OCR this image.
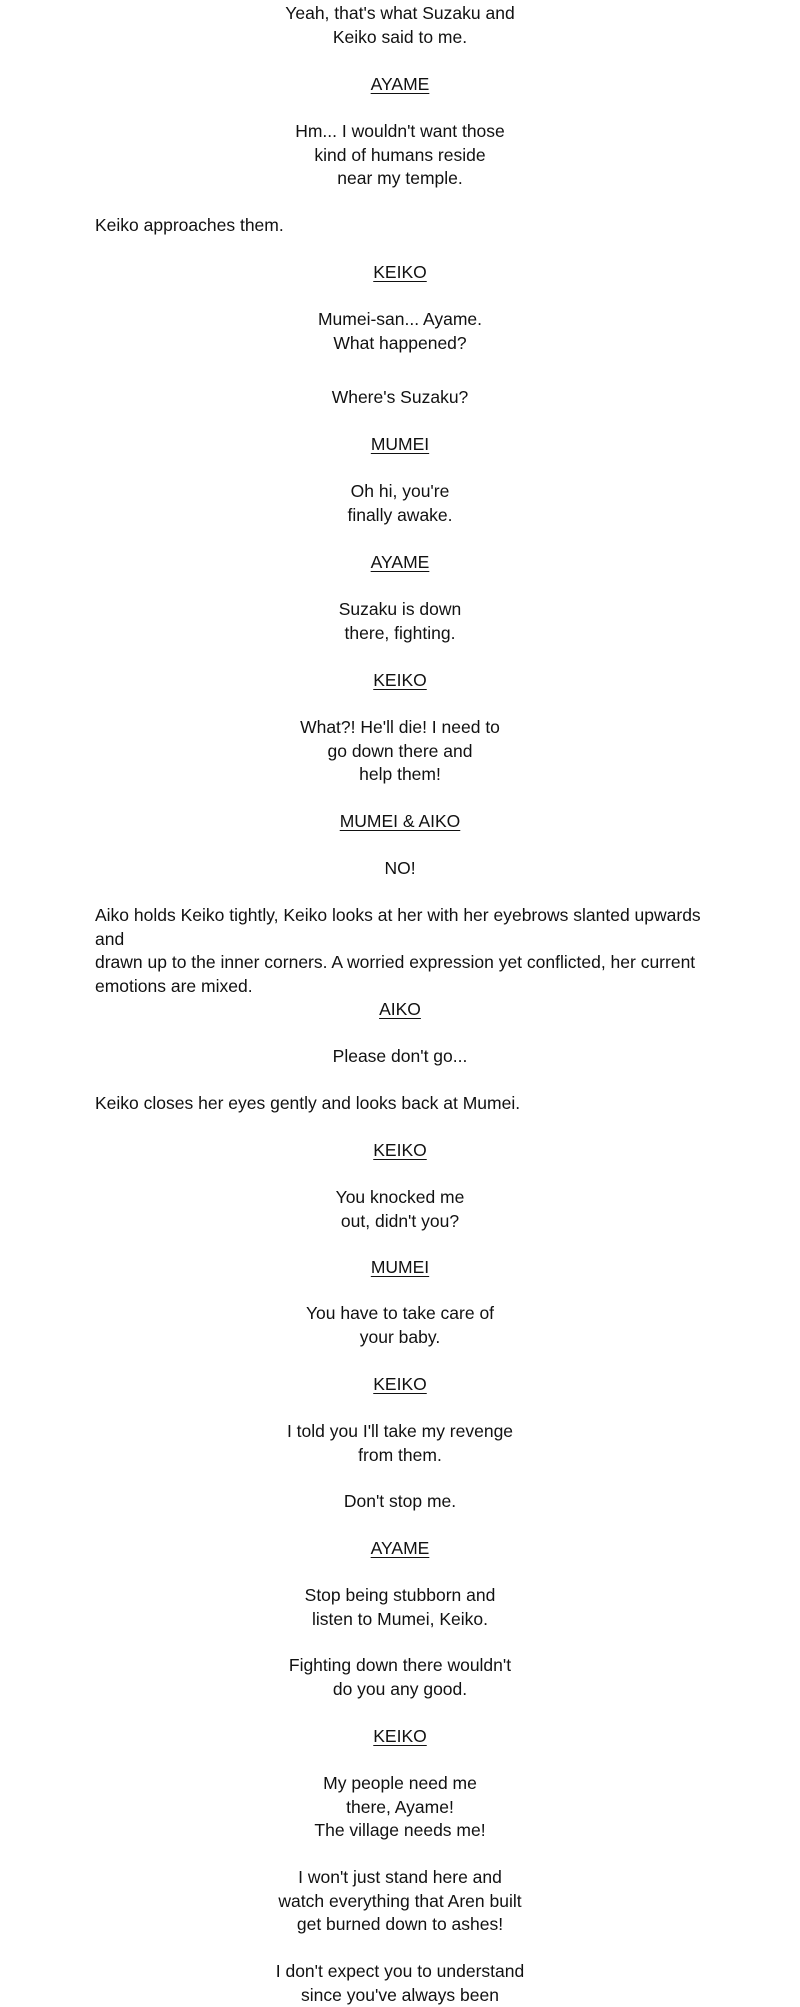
Yeah, that's what Suzaku and
Keiko said to me.
AYAME
Hm... I wouldn't want those
kind of humans reside
near my temple.
Keiko approaches them.
KEIKO
Mumei-san... Ayame.
What happened?
Where's Suzaku?
MUMEI
Oh hi, you're
finally awake.
AYAME
Suzaku is down
there, fighting.
KEIKO
What?! He'll die! I need to
go down there and
help them!
MUMEI & AIKO
NO!
Aiko holds Keiko tightly, Keiko looks at her with her eyebrows slanted upwards and
drawn up to the inner corners. A worried expression yet conflicted, her current
emotions are mixed.
AIKO
Please don't go...
Keiko closes her eyes gently and looks back at Mumei.
KEIKO
You knocked me
out, didn't you?
MUMEI
You have to take care of
your baby.
KEIKO
I told you I'll take my revenge
from them.
Don't stop me.
AYAME
Stop being stubborn and
listen to Mumei, Keiko.
Fighting down there wouldn't
do you any good.
KEIKO
My people need me
there, Ayame!
The village needs me!
I won't just stand here and
watch everything that Aren built
get burned down to ashes!
I don't expect you to understand
since you've always been
